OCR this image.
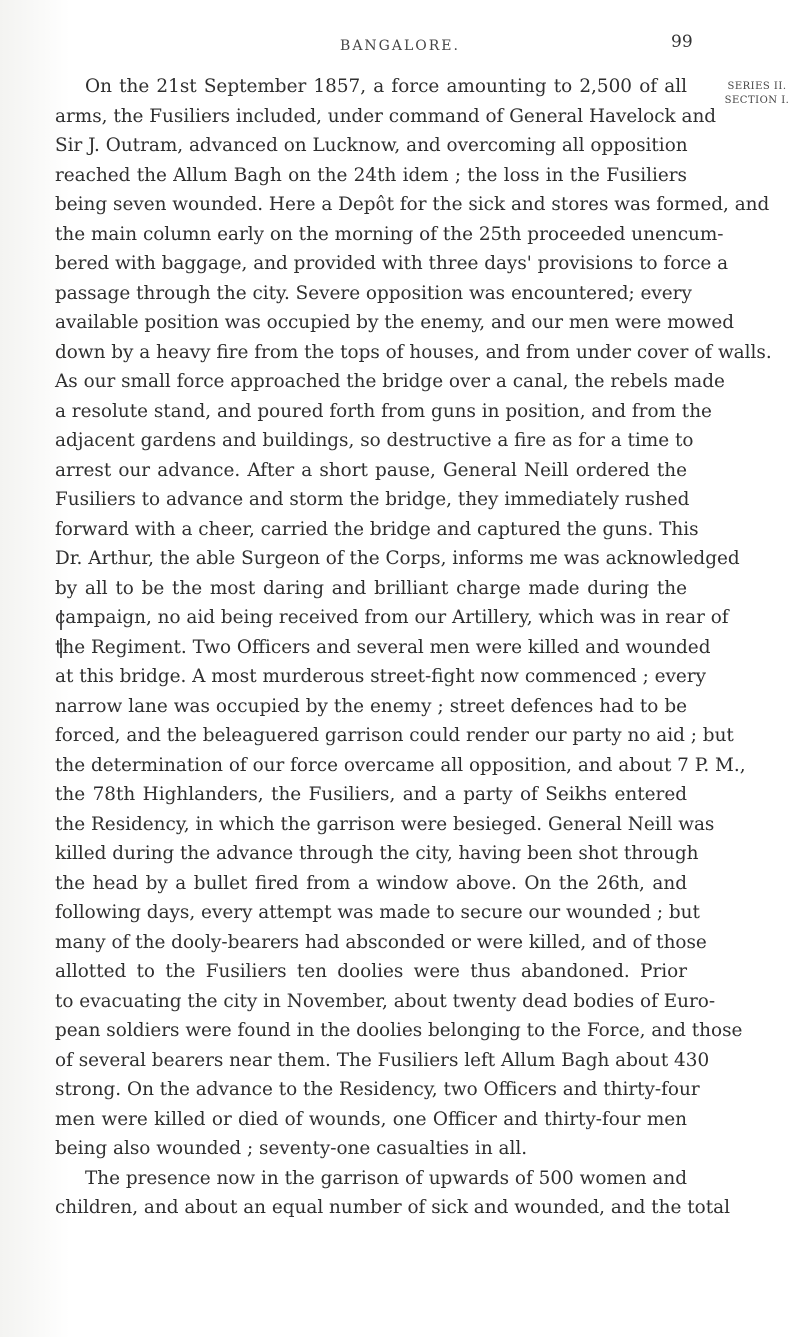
BANGALORE.	99
SERIES II.
SECTION I.
On the 21st September 1857, a force amounting to 2,500 of all
arms, the Fusiliers included, under command of General Havelock and
Sir J. Outram, advanced on Lucknow, and overcoming all opposition
reached the Allum Bagh on the 24th idem ; the loss in the Fusiliers
being seven wounded. Here a Depôt for the sick and stores was formed, and
the main column early on the morning of the 25th proceeded unencum-
bered with baggage, and provided with three days' provisions to force a
passage through the city. Severe opposition was encountered; every
available position was occupied by the enemy, and our men were mowed
down by a heavy fire from the tops of houses, and from under cover of walls.
As our small force approached the bridge over a canal, the rebels made
a resolute stand, and poured forth from guns in position, and from the
adjacent gardens and buildings, so destructive a fire as for a time to
arrest our advance. After a short pause, General Neill ordered the
Fusiliers to advance and storm the bridge, they immediately rushed
forward with a cheer, carried the bridge and captured the guns. This
Dr. Arthur, the able Surgeon of the Corps, informs me was acknowledged
by all to be the most daring and brilliant charge made during the
campaign, no aid being received from our Artillery, which was in rear of
the Regiment. Two Officers and several men were killed and wounded
at this bridge. A most murderous street-fight now commenced ; every
narrow lane was occupied by the enemy ; street defences had to be
forced, and the beleaguered garrison could render our party no aid ; but
the determination of our force overcame all opposition, and about 7 P. M.,
the 78th Highlanders, the Fusiliers, and a party of Seikhs entered
the Residency, in which the garrison were besieged. General Neill was
killed during the advance through the city, having been shot through
the head by a bullet fired from a window above. On the 26th, and
following days, every attempt was made to secure our wounded ; but
many of the dooly-bearers had absconded or were killed, and of those
allotted to the Fusiliers ten doolies were thus abandoned. Prior
to evacuating the city in November, about twenty dead bodies of Euro-
pean soldiers were found in the doolies belonging to the Force, and those
of several bearers near them. The Fusiliers left Allum Bagh about 430
strong. On the advance to the Residency, two Officers and thirty-four
men were killed or died of wounds, one Officer and thirty-four men
being also wounded ; seventy-one casualties in all.
The presence now in the garrison of upwards of 500 women and
children, and about an equal number of sick and wounded, and the total
